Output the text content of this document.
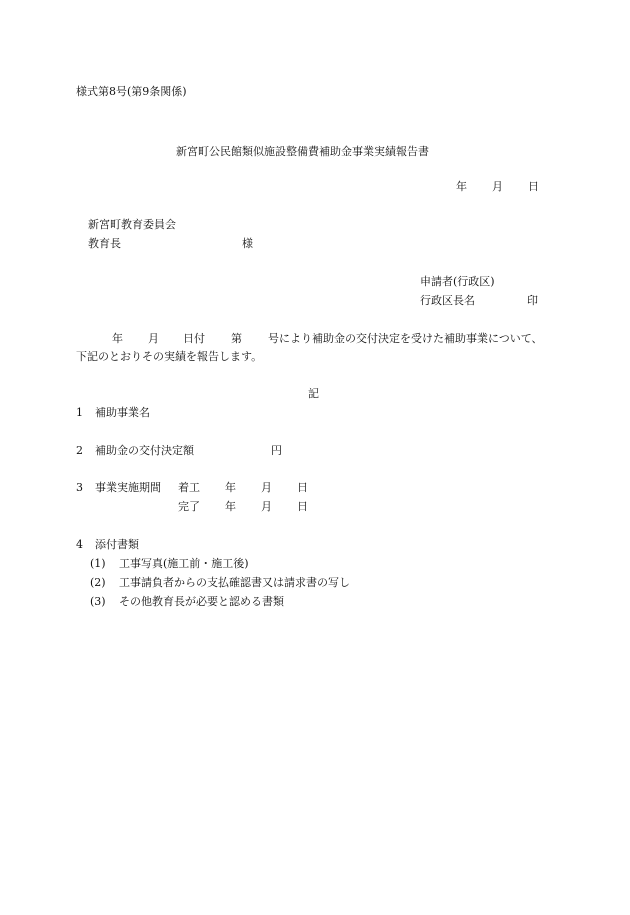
様式第8号(第9条関係)
新宮町公民館類似施設整備費補助金事業実績報告書
年 月 日
新宮町教育委員会
教育長	様
申請者(行政区)
行政区長名	印
年 月 日付 第 号により補助金の交付決定を受けた補助事業について、
下記のとおりその実績を報告します。
記
1 補助事業名
2 補助金の交付決定額	円
3 事業実施期間 着工 年 月 日
完了 年 月 日
4 添付書類
(1) 工事写真(施工前・施工後)
(2) 工事請負者からの支払確認書又は請求書の写し
(3) その他教育長が必要と認める書類
